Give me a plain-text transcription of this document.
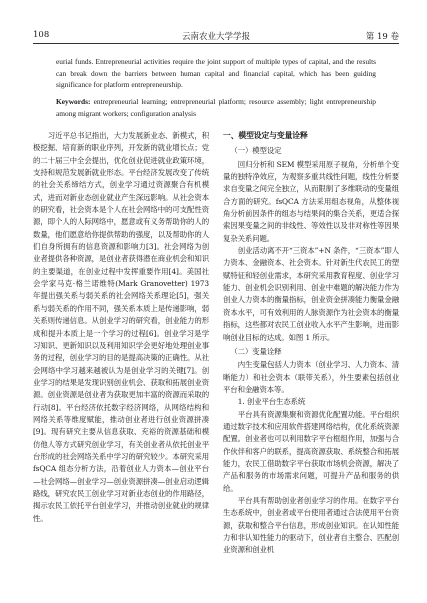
108	云南农业大学学报	第 19 卷
eurial funds. Entrepreneurial activities require the joint support of multiple types of capital, and the results can break down the barriers between human capital and financial capital, which has been guiding significance for platform entrepreneurship.
Keywords: entrepreneurial learning; entrepreneurial platform; resource assembly; light entrepreneurship among migrant workers; configuration analysis

习近平总书记指出，大力发展新业态、新模式，积极挖掘、培育新的职业序列，开发新的就业增长点；党的二十届三中全会提出，优化创业促进就业政策环境，支持和规范发展新就业形态。平台经济发展改变了传统的社会关系缔结方式，创业学习通过资源聚合有机模式，进而对新业态创业就业产生深远影响。从社会资本的研究看，社会资本是个人在社会网络中的可支配性资源，即个人的人际网络中，愿意或有义务帮助你的人的数量，他们愿意给你提供帮助的强度，以及帮助你的人们自身所拥有的信息资源和影响力[3]。社会网络为创业者提供各种资源，是创业者获得潜在商业机会和知识的主要渠道，在创业过程中发挥重要作用[4]。美国社会学家马克·格兰诺维特(Mark Granovetter) 1973 年提出强关系与弱关系的社会网络关系理论[5]，强关系与弱关系的作用不同，强关系本质上是传递影响，弱关系则传递信息。从创业学习的研究看，创业能力的形成和提升本质上是一个学习的过程[6]。创业学习是学习知识、更新知识以及利用知识学会更好地处理创业事务的过程，创业学习的目的是提高决策的正确性。从社会网络中学习越来越被认为是创业学习的关键[7]。创业学习的结果是发现识别创业机会、获取和拓展创业资源。创业资源是创业者为获取更加丰富的资源而采取的行动[8]。平台经济依托数字经济网络，从网络结构和网络关系等维度赋能，推动创业者进行创业资源拼凑[9]。现有研究主要从信息获取、充裕的资源基础和模仿他人等方式研究创业学习，有关创业者从依托创业平台形成的社会网络关系中学习的研究较少。本研究采用 fsQCA 组态分析方法，沿着创业人力资本—创业平台—社会网络—创业学习—创业资源拼凑—创业启动逻辑路线，研究农民工创业学习对新业态创业的作用路径，揭示农民工依托平台创业学习，并推动创业就业的规律性。

一、模型设定与变量诠释
（一）模型设定

回归分析和 SEM 模型采用原子视角，分析单个变量的独特净效应，为观察多重共线性问题，线性分析要求自变量之间完全独立，从而限制了多维联动的变量组合方面的研究。fsQCA 方法采用组态视角，从整体视角分析前因条件的组态与结果间的集合关系，更适合探索因果变量之间的非线性、等效性以及非对称性等因果复杂关系问题。

创业活动离不开“三资本”+N 条件，“三资本”即人力资本、金融资本、社会资本。针对新生代农民工的塑赋特征和轻创业需求，本研究采用教育程度、创业学习能力、创业机会识别利用、创业中难题的解决能力作为创业人力资本的衡量指标，创业资金拼凑能力衡量金融资本水平，可有效利用的人脉资源作为社会资本的衡量指标，这些都对农民工创业收入水平产生影响，进而影响创业目标的达成。如图 1 所示。

（二）变量诠释

内生变量包括人力资本（创业学习、人力资本、清晰能力）和社会资本（联带关系），外生要素包括创业平台和金融资本等。

1. 创业平台生态系统

平台具有资源集聚和资源优化配置功能。平台组织通过数字技术和应用软件搭建网络结构，优化系统资源配置。创业者也可以利用数字平台框组作用，加强与合作伙伴和客户的联系，提高资源获取、系统整合和拓展能力，农民工借助数字平台获取市场机会资源，解决了产品和服务的市场需求问题，可提升产品和服务的供给。

平台具有帮助创业者创业学习的作用。在数字平台生态系统中，创业者或平台使用者通过合法使用平台资源，获取和整合平台信息，形成创业知识。在认知性能力和非认知性能力的驱动下，创业者自主整合、匹配创业资源和创业机
